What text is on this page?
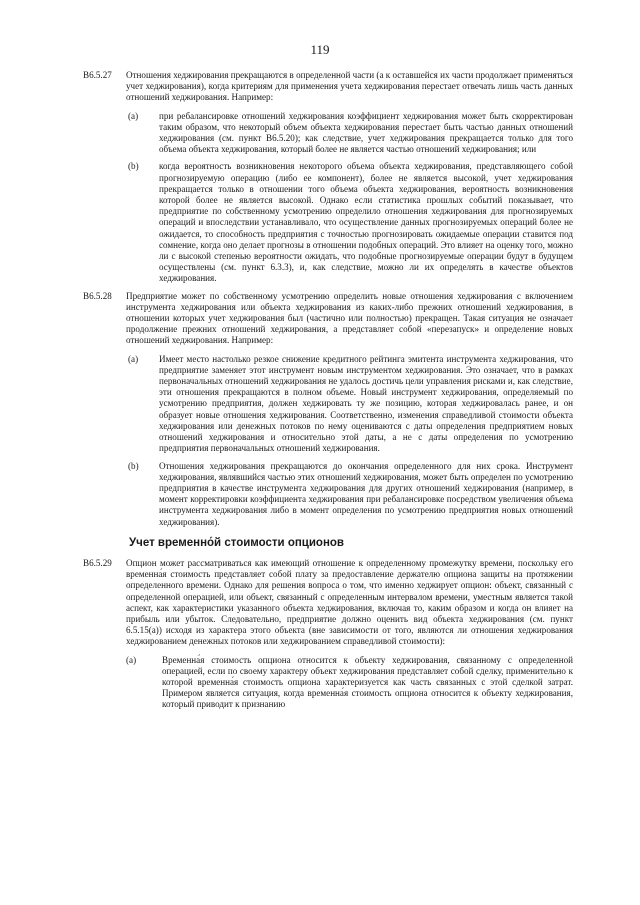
119
B6.5.27 Отношения хеджирования прекращаются в определенной части (а к оставшейся их части продолжает применяться учет хеджирования), когда критериям для применения учета хеджирования перестает отвечать лишь часть данных отношений хеджирования. Например:
(a) при ребалансировке отношений хеджирования коэффициент хеджирования может быть скорректирован таким образом, что некоторый объем объекта хеджирования перестает быть частью данных отношений хеджирования (см. пункт B6.5.20); как следствие, учет хеджирования прекращается только для того объема объекта хеджирования, который более не является частью отношений хеджирования; или
(b) когда вероятность возникновения некоторого объема объекта хеджирования, представляющего собой прогнозируемую операцию (либо ее компонент), более не является высокой, учет хеджирования прекращается только в отношении того объема объекта хеджирования, вероятность возникновения которой более не является высокой. Однако если статистика прошлых событий показывает, что предприятие по собственному усмотрению определило отношения хеджирования для прогнозируемых операций и впоследствии устанавливало, что осуществление данных прогнозируемых операций более не ожидается, то способность предприятия с точностью прогнозировать ожидаемые операции ставится под сомнение, когда оно делает прогнозы в отношении подобных операций. Это влияет на оценку того, можно ли с высокой степенью вероятности ожидать, что подобные прогнозируемые операции будут в будущем осуществлены (см. пункт 6.3.3), и, как следствие, можно ли их определять в качестве объектов хеджирования.
B6.5.28 Предприятие может по собственному усмотрению определить новые отношения хеджирования с включением инструмента хеджирования или объекта хеджирования из каких-либо прежних отношений хеджирования, в отношении которых учет хеджирования был (частично или полностью) прекращен. Такая ситуация не означает продолжение прежних отношений хеджирования, а представляет собой «перезапуск» и определение новых отношений хеджирования. Например:
(a) Имеет место настолько резкое снижение кредитного рейтинга эмитента инструмента хеджирования, что предприятие заменяет этот инструмент новым инструментом хеджирования. Это означает, что в рамках первоначальных отношений хеджирования не удалось достичь цели управления рисками и, как следствие, эти отношения прекращаются в полном объеме. Новый инструмент хеджирования, определяемый по усмотрению предприятия, должен хеджировать ту же позицию, которая хеджировалась ранее, и он образует новые отношения хеджирования. Соответственно, изменения справедливой стоимости объекта хеджирования или денежных потоков по нему оцениваются с даты определения предприятием новых отношений хеджирования и относительно этой даты, а не с даты определения по усмотрению предприятия первоначальных отношений хеджирования.
(b) Отношения хеджирования прекращаются до окончания определенного для них срока. Инструмент хеджирования, являвшийся частью этих отношений хеджирования, может быть определен по усмотрению предприятия в качестве инструмента хеджирования для других отношений хеджирования (например, в момент корректировки коэффициента хеджирования при ребалансировке посредством увеличения объема инструмента хеджирования либо в момент определения по усмотрению предприятия новых отношений хеджирования).
Учет временно́й стоимости опционов
B6.5.29 Опцион может рассматриваться как имеющий отношение к определенному промежутку времени, поскольку его временна́я стоимость представляет собой плату за предоставление держателю опциона защиты на протяжении определенного времени. Однако для решения вопроса о том, что именно хеджирует опцион: объект, связанный с определенной операцией, или объект, связанный с определенным интервалом времени, уместным является такой аспект, как характеристики указанного объекта хеджирования, включая то, каким образом и когда он влияет на прибыль или убыток. Следовательно, предприятие должно оценить вид объекта хеджирования (см. пункт 6.5.15(a)) исходя из характера этого объекта (вне зависимости от того, являются ли отношения хеджирования хеджированием денежных потоков или хеджированием справедливой стоимости):
(a)	Временна́я стоимость опциона относится к объекту хеджирования, связанному с определенной операцией, если по своему характеру объект хеджирования представляет собой сделку, применительно к которой временна́я стоимость опциона характеризуется как часть связанных с этой сделкой затрат. Примером является ситуация, когда временна́я стоимость опциона относится к объекту хеджирования, который приводит к признанию
